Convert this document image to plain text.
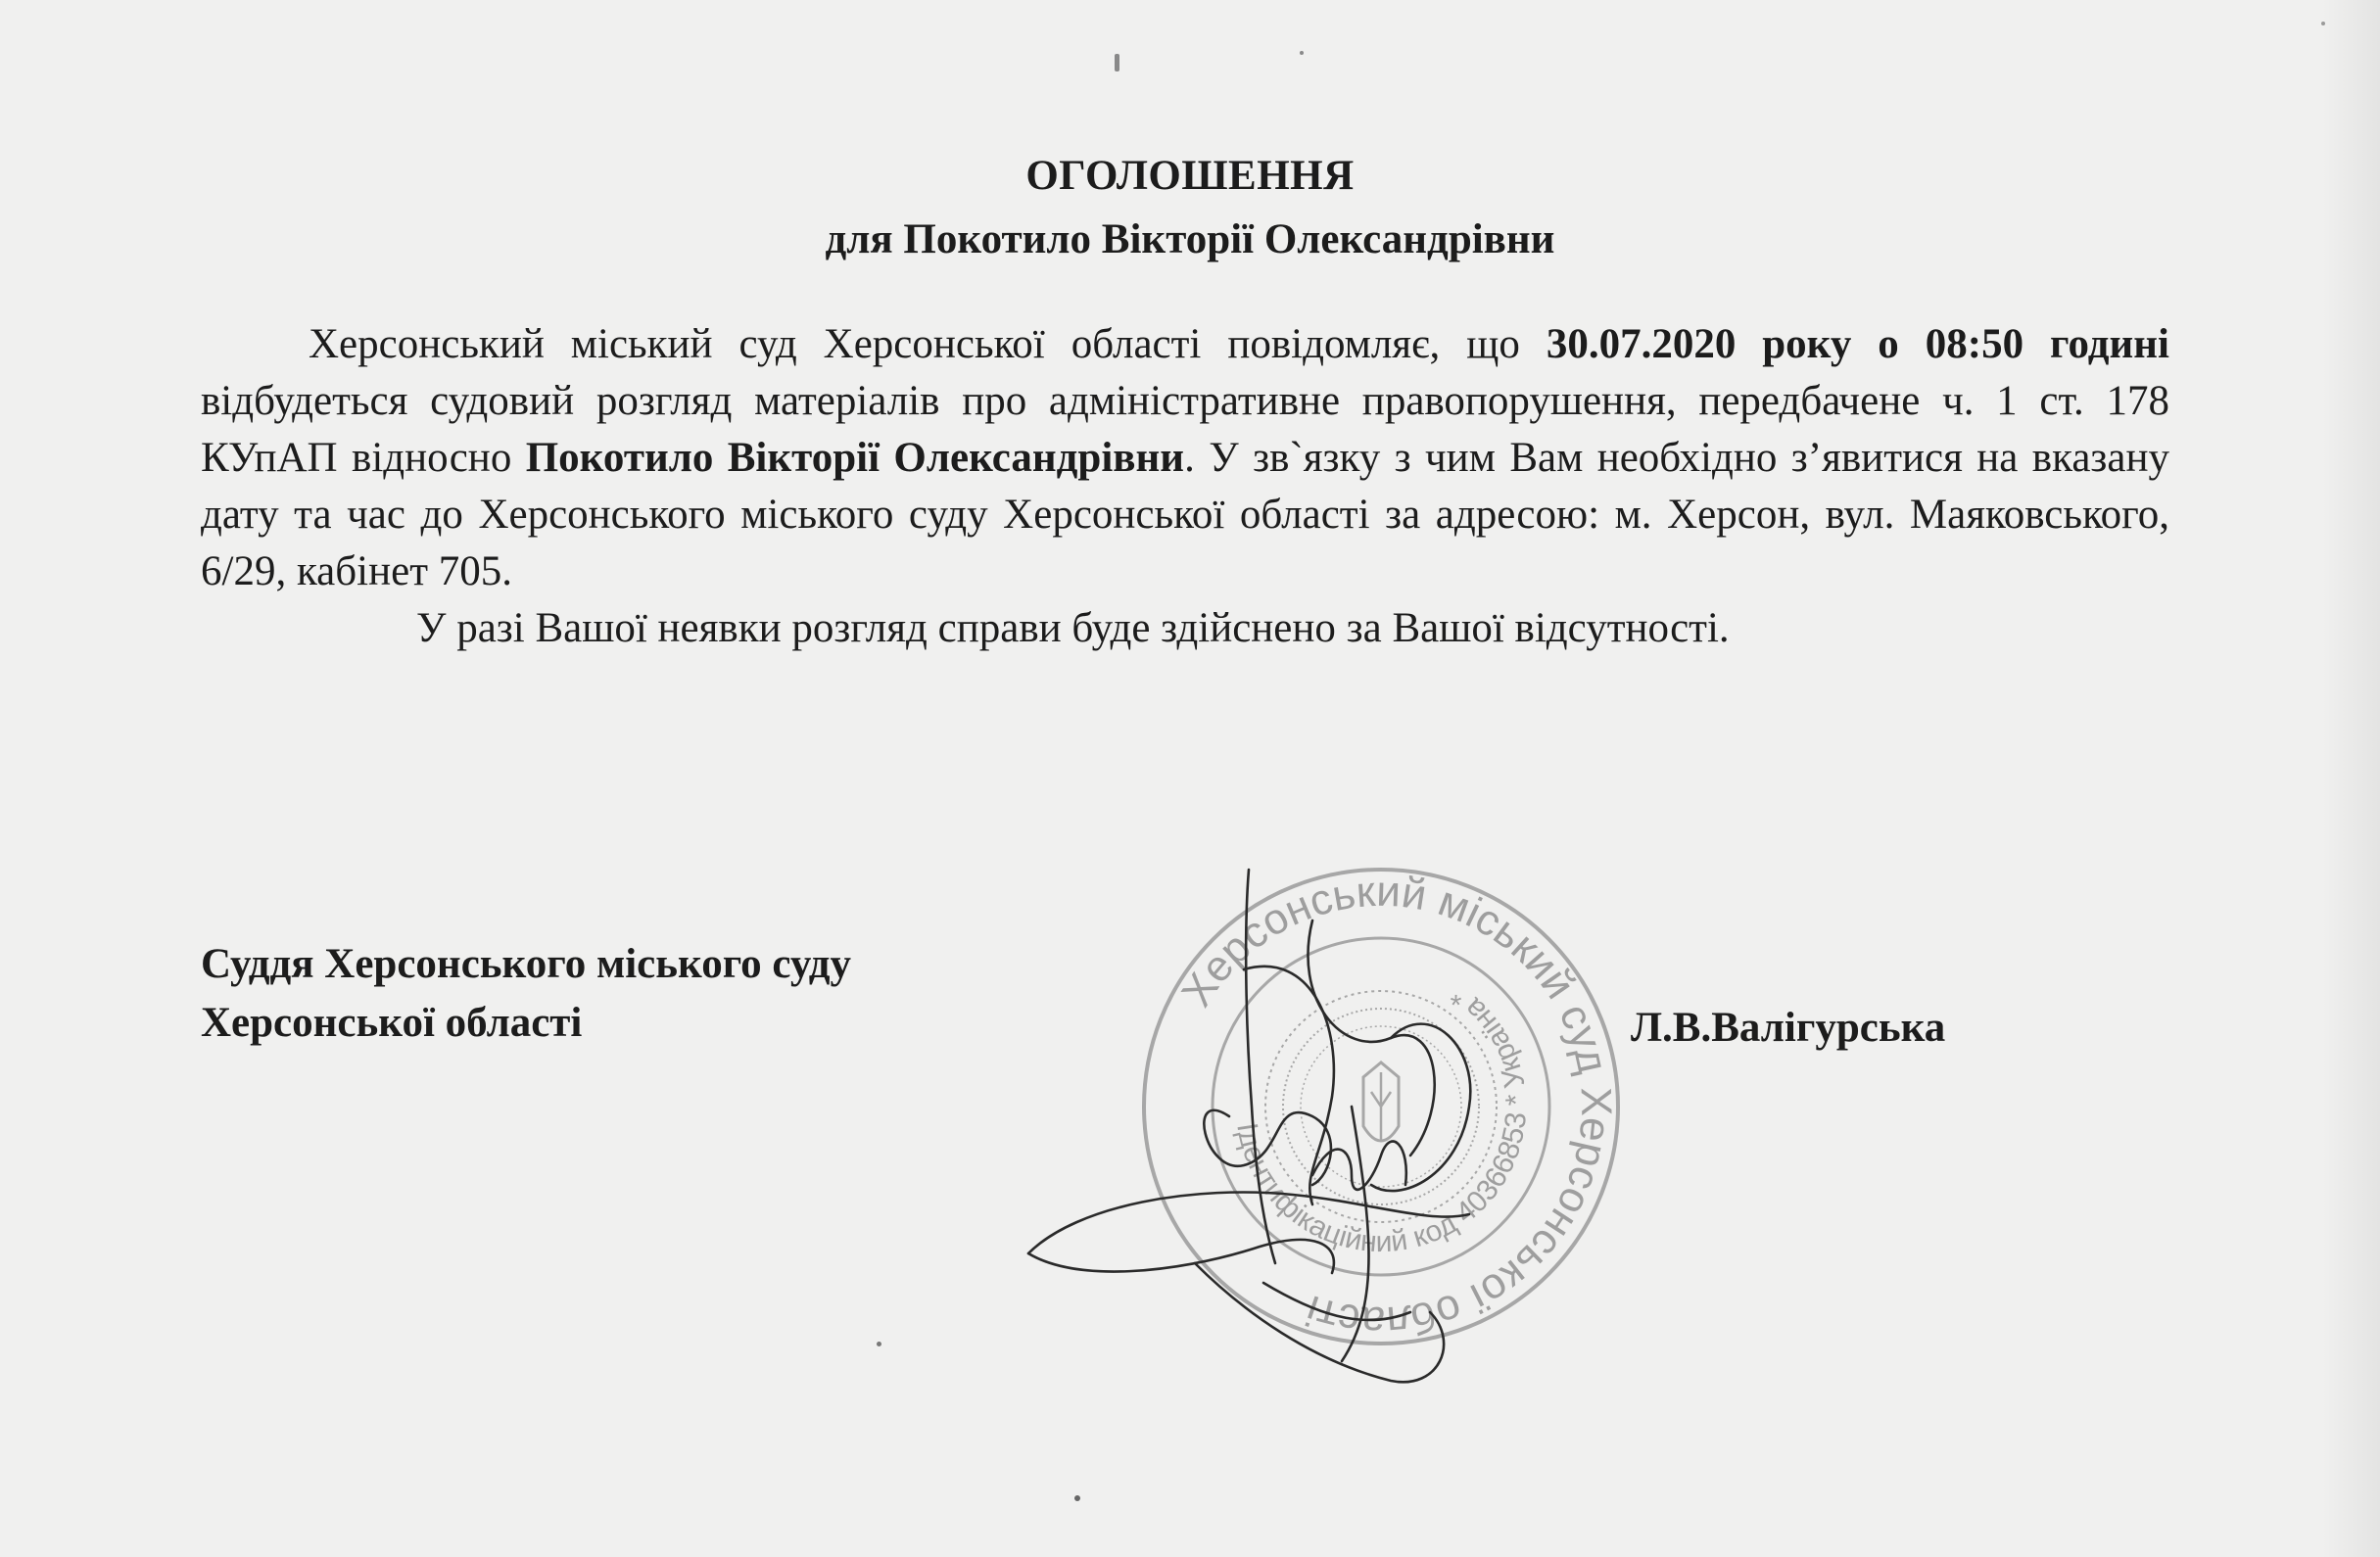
ОГОЛОШЕННЯ
для Покотило Вікторії Олександрівни

Херсонський міський суд Херсонської області повідомляє, що 30.07.2020 року о 08:50 годині відбудеться судовий розгляд матеріалів про адміністративне правопорушення, передбачене ч. 1 ст. 178 КУпАП відносно Покотило Вікторії Олександрівни. У зв`язку з чим Вам необхідно з’явитися на вказану дату та час до Херсонського міського суду Херсонської області за адресою: м. Херсон, вул. Маяковського, 6/29, кабінет 705.

У разі Вашої неявки розгляд справи буде здійснено за Вашої відсутності.

Суддя Херсонського міського суду
Херсонської області
Херсонський міський суд Херсонської області
Ідентифікаційний код 40366853 * Україна *
Л.В.Валігурська
